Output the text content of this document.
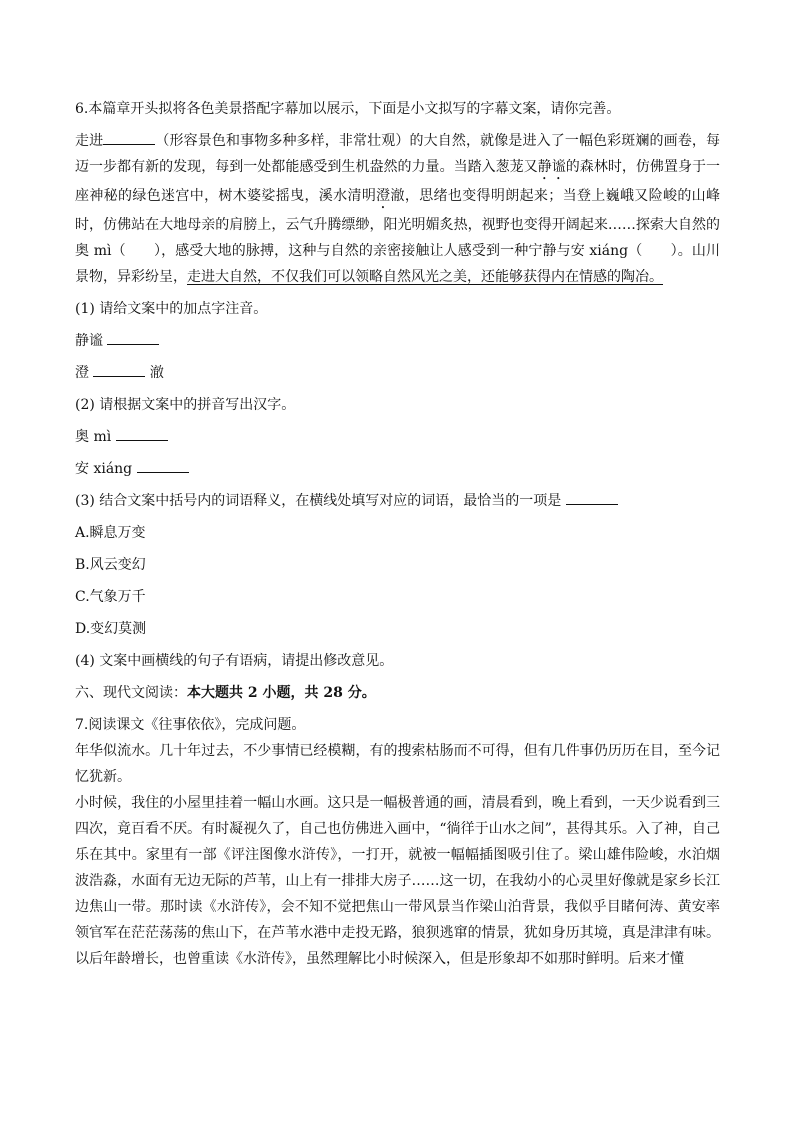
6.本篇章开头拟将各色美景搭配字幕加以展示，下面是小文拟写的字幕文案，请你完善。

走进	（形容景色和事物多种多样，非常壮观）的大自然，就像是进入了一幅色彩斑斓的画卷，每迈一步都有新的发现，每到一处都能感受到生机盎然的力量。当踏入葱茏又静谧的森林时，仿佛置身于一座神秘的绿色迷宫中，树木婆娑摇曳，溪水清明澄澈，思绪也变得明朗起来；当登上巍峨又险峻的山峰时，仿佛站在大地母亲的肩膀上，云气升腾缥缈，阳光明媚炙热，视野也变得开阔起来……探索大自然的奥 mì（　　），感受大地的脉搏，这种与自然的亲密接触让人感受到一种宁静与安 xiáng（　　）。山川景物，异彩纷呈，走进大自然，不仅我们可以领略自然风光之美，还能够获得内在情感的陶冶。

(1) 请给文案中的加点字注音。

静谧

澄	澈

(2) 请根据文案中的拼音写出汉字。

奥 mì

安 xiáng

(3) 结合文案中括号内的词语释义，在横线处填写对应的词语，最恰当的一项是

A.瞬息万变

B.风云变幻

C.气象万千

D.变幻莫测

(4) 文案中画横线的句子有语病，请提出修改意见。

六、现代文阅读：本大题共 2 小题，共 28 分。

7.阅读课文《往事依依》，完成问题。

年华似流水。几十年过去，不少事情已经模糊，有的搜索枯肠而不可得，但有几件事仍历历在目，至今记忆犹新。

小时候，我住的小屋里挂着一幅山水画。这只是一幅极普通的画，清晨看到，晚上看到，一天少说看到三四次，竟百看不厌。有时凝视久了，自己也仿佛进入画中，“徜徉于山水之间”，甚得其乐。入了神，自己乐在其中。家里有一部《评注图像水浒传》，一打开，就被一幅幅插图吸引住了。梁山雄伟险峻，水泊烟波浩淼，水面有无边无际的芦苇，山上有一排排大房子……这一切，在我幼小的心灵里好像就是家乡长江边焦山一带。那时读《水浒传》，会不知不觉把焦山一带风景当作梁山泊背景，我似乎目睹何涛、黄安率领官军在茫茫荡荡的焦山下，在芦苇水港中走投无路，狼狈逃窜的情景，犹如身历其境，真是津津有味。以后年龄增长，也曾重读《水浒传》，虽然理解比小时候深入，但是形象却不如那时鲜明。后来才懂
